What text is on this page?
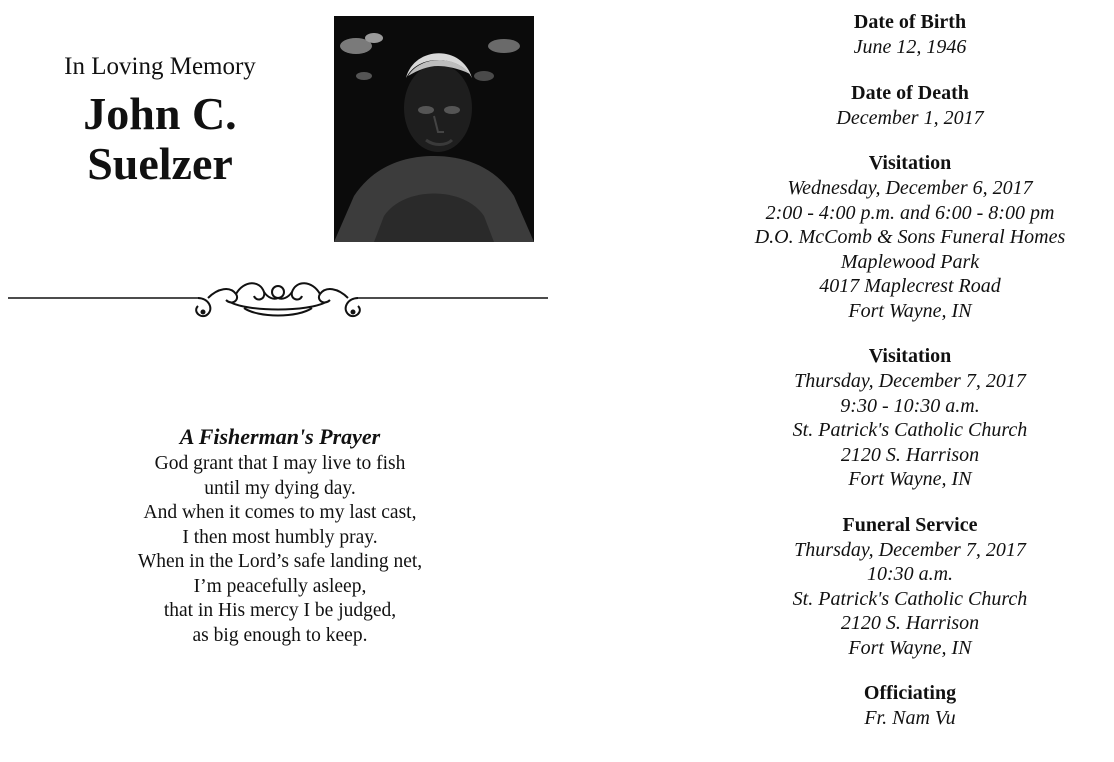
In Loving Memory
John C.
Suelzer
A Fisherman's Prayer
God grant that I may live to fish
until my dying day.
And when it comes to my last cast,
I then most humbly pray.
When in the Lord’s safe landing net,
I’m peacefully asleep,
that in His mercy I be judged,
as big enough to keep.
Date of Birth
June 12, 1946
Date of Death
December 1, 2017
Visitation
Wednesday, December 6, 2017
2:00 - 4:00 p.m. and 6:00 - 8:00 pm
D.O. McComb & Sons Funeral Homes
Maplewood Park
4017 Maplecrest Road
Fort Wayne, IN
Visitation
Thursday, December 7, 2017
9:30 - 10:30 a.m.
St. Patrick's Catholic Church
2120 S. Harrison
Fort Wayne, IN
Funeral Service
Thursday, December 7, 2017
10:30 a.m.
St. Patrick's Catholic Church
2120 S. Harrison
Fort Wayne, IN
Officiating
Fr. Nam Vu
